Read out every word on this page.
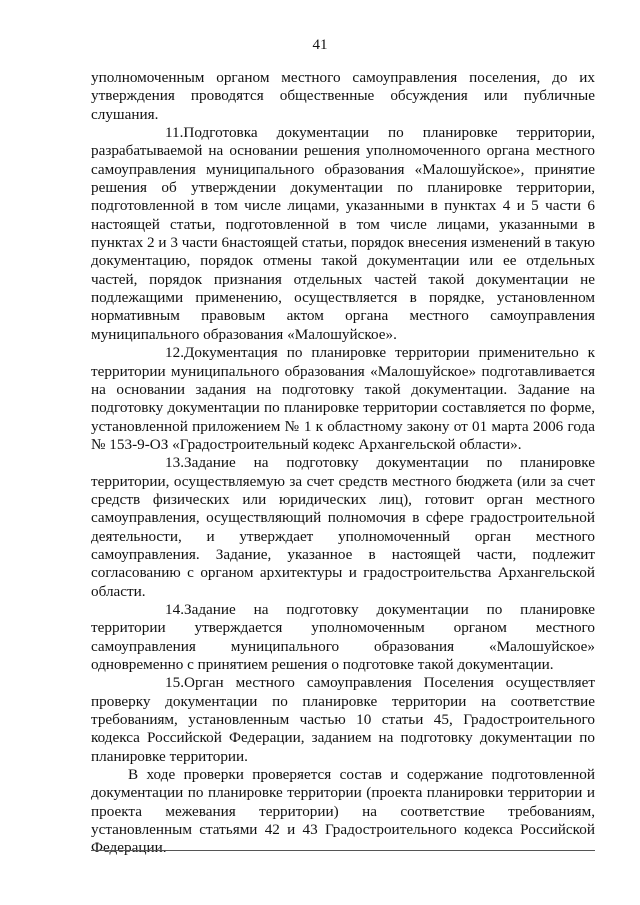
41

уполномоченным органом местного самоуправления поселения, до их утверждения проводятся общественные обсуждения или публичные слушания.

11.Подготовка документации по планировке территории, разрабатываемой на основании решения уполномоченного органа местного самоуправления муниципального образования «Малошуйское», принятие решения об утверждении документации по планировке территории, подготовленной в том числе лицами, указанными в пунктах 4 и 5 части 6 настоящей статьи, подготовленной в том числе лицами, указанными в пунктах 2 и 3 части 6настоящей статьи, порядок внесения изменений в такую документацию, порядок отмены такой документации или ее отдельных частей, порядок признания отдельных частей такой документации не подлежащими применению, осуществляется в порядке, установленном нормативным правовым актом органа местного самоуправления муниципального образования «Малошуйское».

12.Документация по планировке территории применительно к территории муниципального образования «Малошуйское» подготавливается на основании задания на подготовку такой документации. Задание на подготовку документации по планировке территории составляется по форме, установленной приложением № 1 к областному закону от 01 марта 2006 года № 153-9-ОЗ «Градостроительный кодекс Архангельской области».

13.Задание на подготовку документации по планировке территории, осуществляемую за счет средств местного бюджета (или за счет средств физических или юридических лиц), готовит орган местного самоуправления, осуществляющий полномочия в сфере градостроительной деятельности, и утверждает уполномоченный орган местного самоуправления. Задание, указанное в настоящей части, подлежит согласованию с органом архитектуры и градостроительства Архангельской области.

14.Задание на подготовку документации по планировке территории утверждается уполномоченным органом местного самоуправления муниципального образования «Малошуйское» одновременно с принятием решения о подготовке такой документации.

15.Орган местного самоуправления Поселения осуществляет проверку документации по планировке территории на соответствие требованиям, установленным частью 10 статьи 45, Градостроительного кодекса Российской Федерации, заданием на подготовку документации по планировке территории.

В ходе проверки проверяется состав и содержание подготовленной документации по планировке территории (проекта планировки территории и проекта межевания территории) на соответствие требованиям, установленным статьями 42 и 43 Градостроительного кодекса Российской Федерации.
